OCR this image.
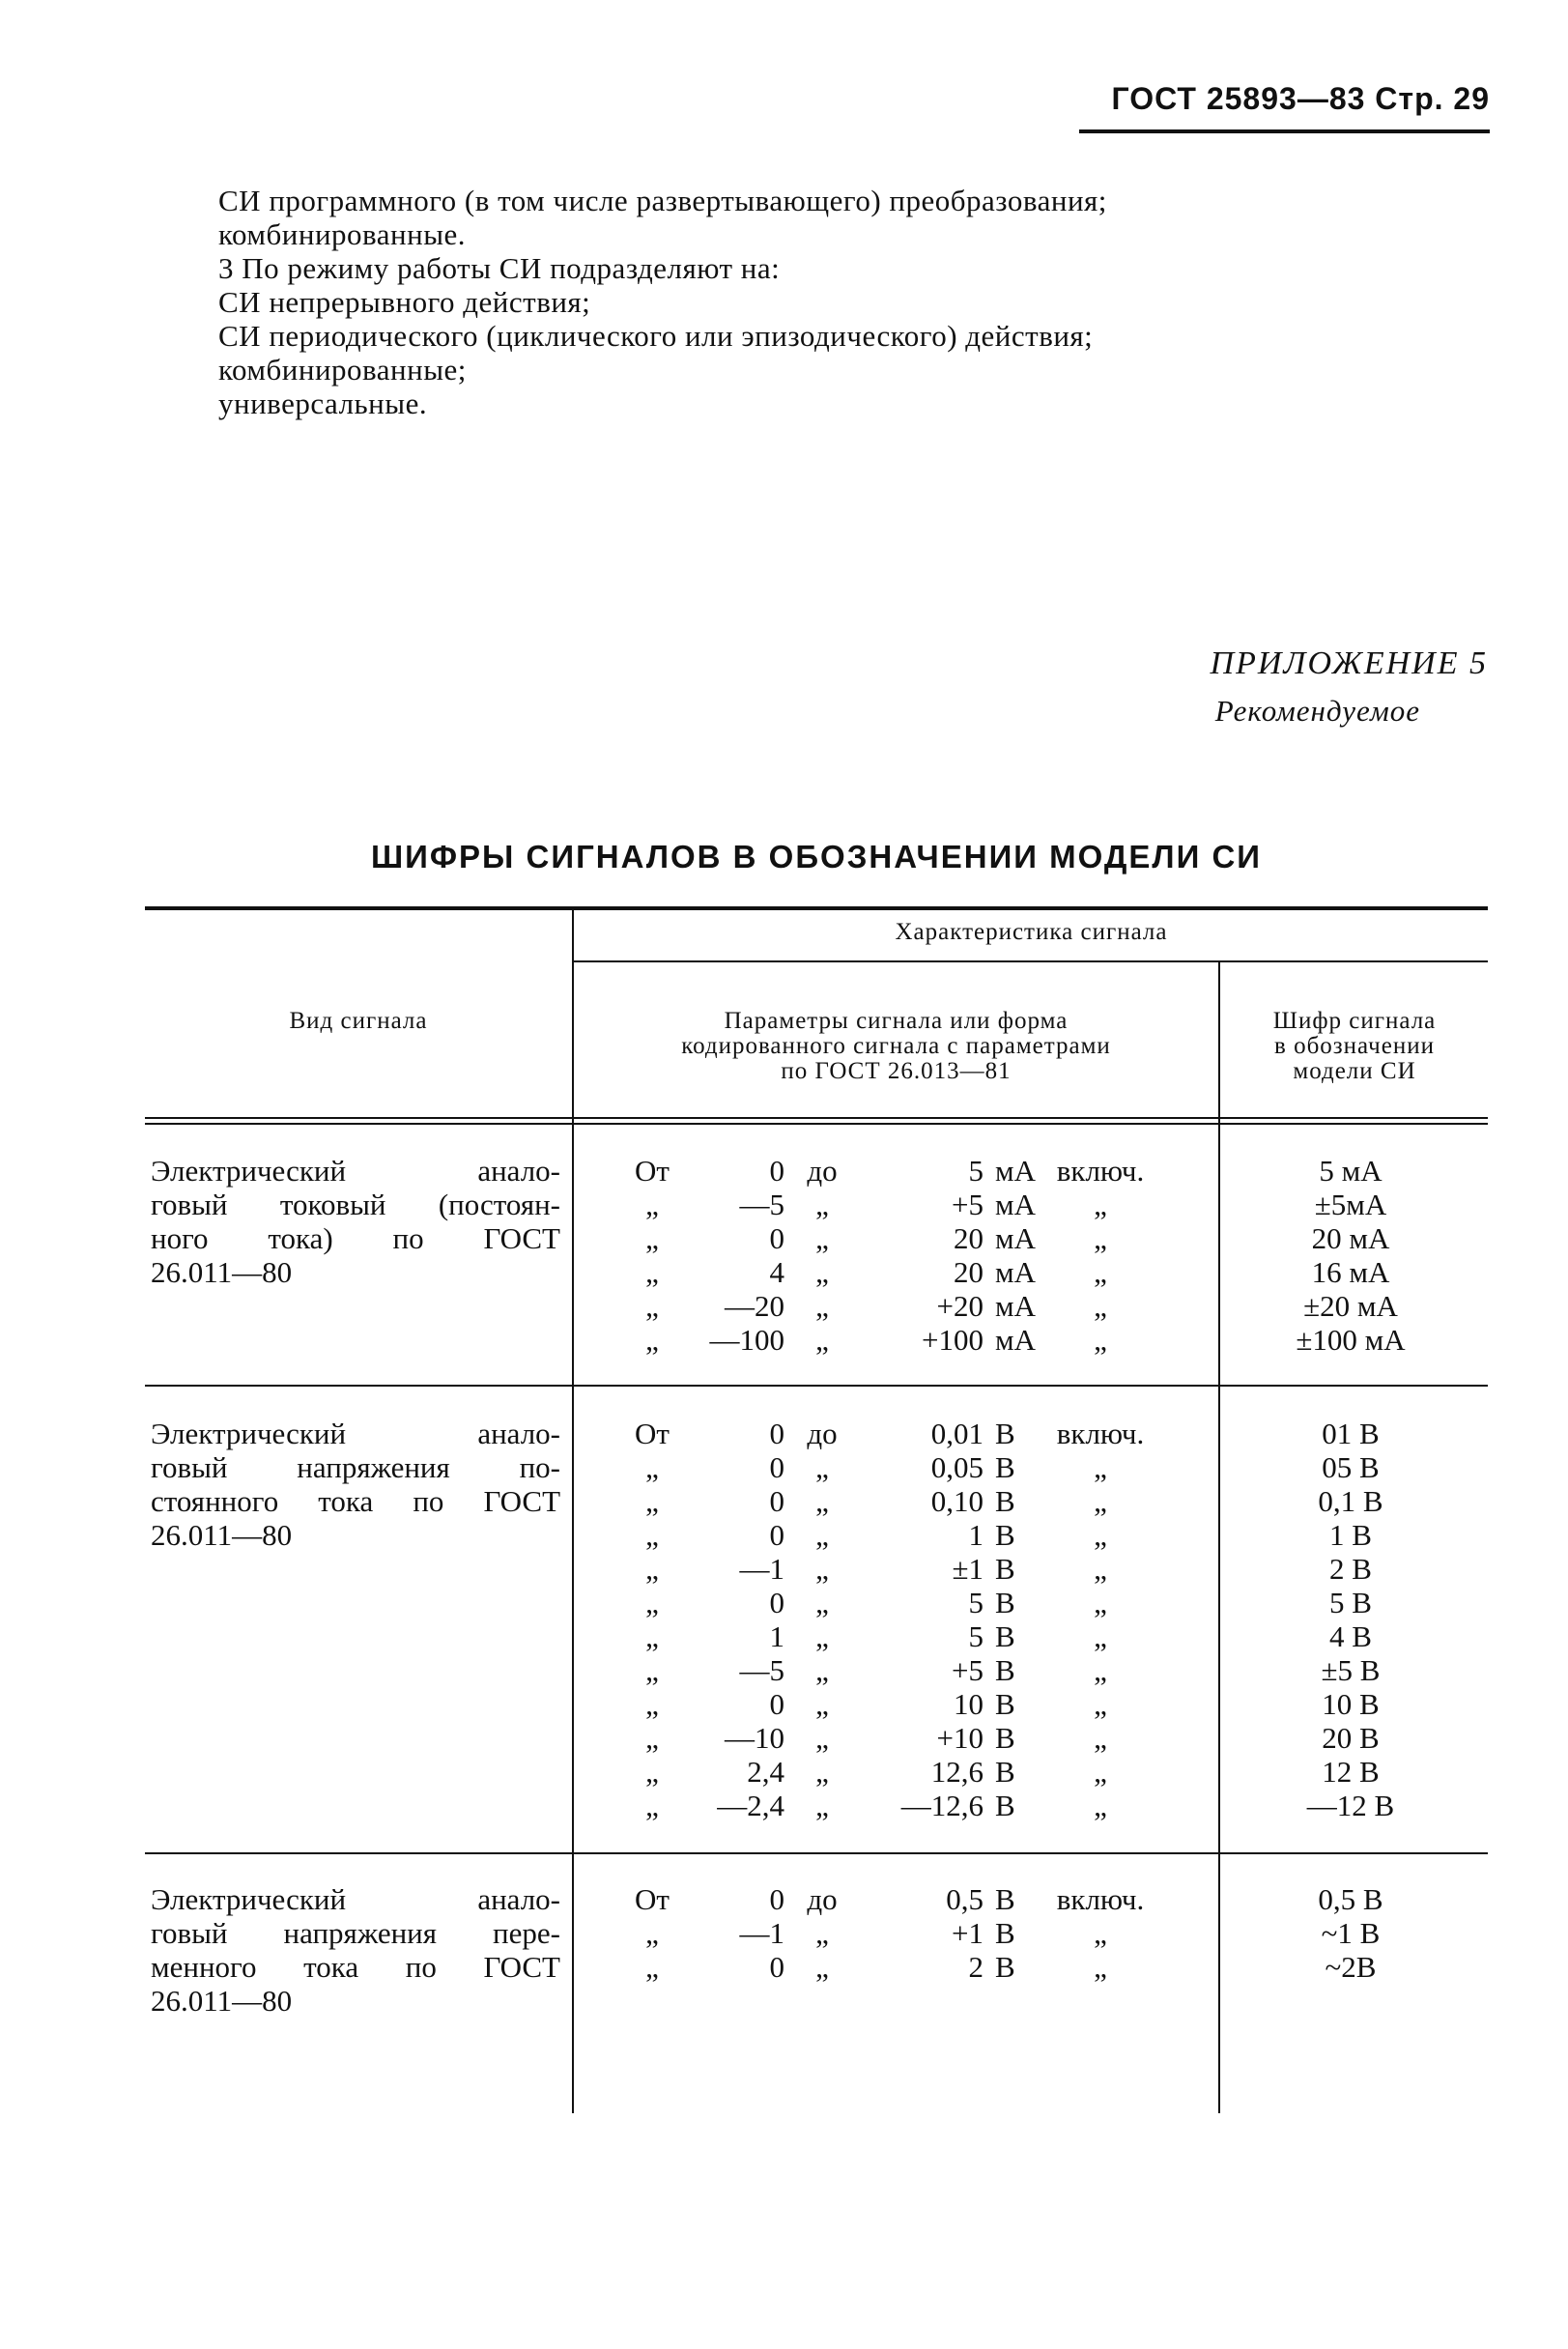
ГОСТ 25893—83 Стр. 29
СИ программного (в том числе развертывающего) преобразования;
комбинированные.
3 По режиму работы СИ подразделяют на:
СИ непрерывного действия;
СИ периодического (циклического или эпизодического) действия;
комбинированные;
универсальные.
ПРИЛОЖЕНИЕ 5
Рекомендуемое
ШИФРЫ СИГНАЛОВ В ОБОЗНАЧЕНИИ МОДЕЛИ СИ
Вид сигнала
Характеристика сигнала
Параметры сигнала или форма
кодированного сигнала с параметрами
по ГОСТ 26.013—81
Шифр сигнала
в обозначении
модели СИ
Электрический анало-
говый токовый (постоян-
ного тока) по ГОСТ
26.011—80
От	0 до	5 мА включ.	5 мА
„	—5	„	+5 мА	„	±5мА
„	0	„	20 мА	„	20 мА
„	4	„	20 мА	„	16 мА
„	—20	„	+20 мА	„	±20 мА
„	—100	„	+100 мА	„	±100 мА
Электрический анало-
говый напряжения по-
стоянного тока по ГОСТ
26.011—80
От	0 до	0,01 В	включ.	01 В
„	0	„	0,05 В	„	05 В
„	0	„	0,10 В	„	0,1 В
„	0	„	1 В	„	1 В
„	—1	„	±1 В	„	2 В
„	0	„	5 В	„	5 В
„	1	„	5 В	„	4 В
„	—5	„	+5 В	„	±5 В
„	0	„	10 В	„	10 В
„	—10	„	+10 В	„	20 В
„	2,4	„	12,6 В	„	12 В
„	—2,4	„	—12,6 В	„	—12 В
Электрический анало-
говый напряжения пере-
менного тока по ГОСТ
26.011—80
От	0 до	0,5 В	включ.	0,5 В
„	—1	„	+1 В	„	~1 В
„	0	„	2 В	„	~2В
